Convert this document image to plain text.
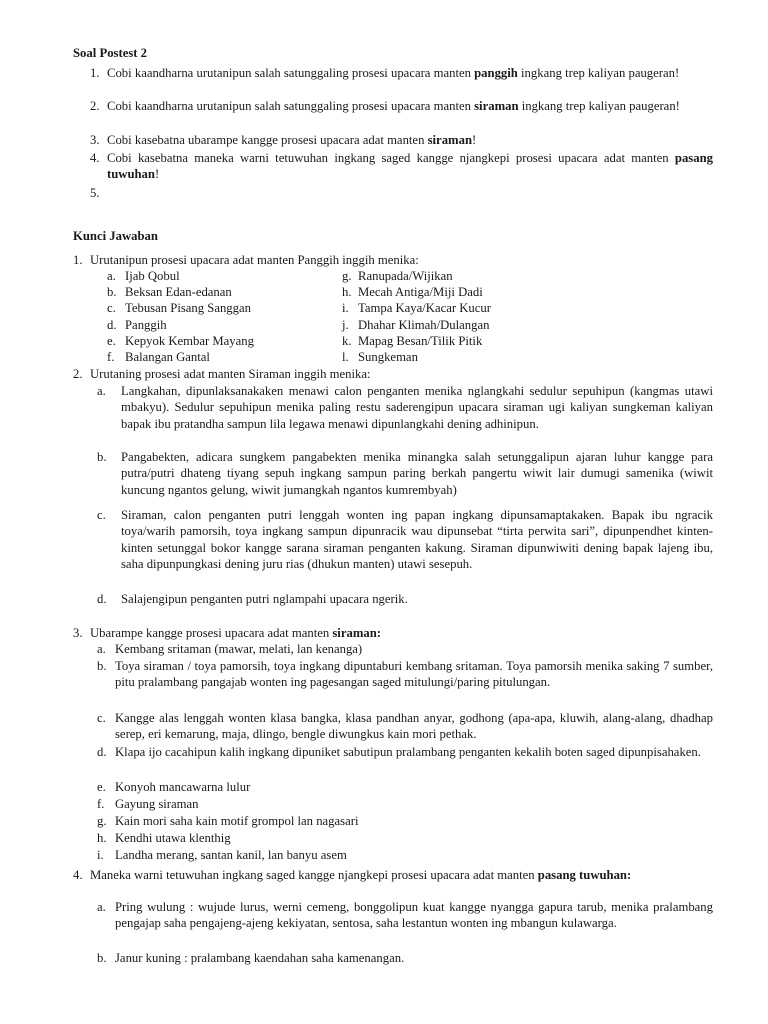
Soal Postest 2
1. Cobi kaandharna urutanipun salah satunggaling prosesi upacara manten panggih ingkang trep kaliyan paugeran!
2. Cobi kaandharna urutanipun salah satunggaling prosesi upacara manten siraman ingkang trep kaliyan paugeran!
3. Cobi kasebatna ubarampe kangge prosesi upacara adat manten siraman!
4. Cobi kasebatna maneka warni tetuwuhan ingkang saged kangge njangkepi prosesi upacara adat manten pasang tuwuhan!
5.
Kunci Jawaban
1. Urutanipun prosesi upacara adat manten Panggih inggih menika:
a. Ijab Qobul
b. Beksan Edan-edanan
c. Tebusan Pisang Sanggan
d. Panggih
e. Kepyok Kembar Mayang
f. Balangan Gantal
g. Ranupada/Wijikan
h. Mecah Antiga/Miji Dadi
i. Tampa Kaya/Kacar Kucur
j. Dhahar Klimah/Dulangan
k. Mapag Besan/Tilik Pitik
l. Sungkeman
2. Urutaning prosesi adat manten Siraman inggih menika:
a. Langkahan, dipunlaksanakaken menawi calon penganten menika nglangkahi sedulur sepuhipun (kangmas utawi mbakyu). Sedulur sepuhipun menika paling restu saderengipun upacara siraman ugi kaliyan sungkeman kaliyan bapak ibu pratandha sampun lila legawa menawi dipunlangkahi dening adhinipun.
b. Pangabekten, adicara sungkem pangabekten menika minangka salah setunggalipun ajaran luhur kangge para putra/putri dhateng tiyang sepuh ingkang sampun paring berkah pangertu wiwit lair dumugi samenika (wiwit kuncung ngantos gelung, wiwit jumangkah ngantos kumrembyah)
c. Siraman, calon penganten putri lenggah wonten ing papan ingkang dipunsamaptakaken. Bapak ibu ngracik toya/warih pamorsih, toya ingkang sampun dipunracik wau dipunsebat “tirta perwita sari”, dipunpendhet kinten-kinten setunggal bokor kangge sarana siraman penganten kakung. Siraman dipunwiwiti dening bapak lajeng ibu, saha dipunpungkasi dening juru rias (dhukun manten) utawi sesepuh.
d. Salajengipun penganten putri nglampahi upacara ngerik.
3. Ubarampe kangge prosesi upacara adat manten siraman:
a. Kembang sritaman (mawar, melati, lan kenanga)
b. Toya siraman / toya pamorsih, toya ingkang dipuntaburi kembang sritaman. Toya pamorsih menika saking 7 sumber, pitu pralambang pangajab wonten ing pagesangan saged mitulungi/paring pitulungan.
c. Kangge alas lenggah wonten klasa bangka, klasa pandhan anyar, godhong (apa-apa, kluwih, alang-alang, dhadhap serep, eri kemarung, maja, dlingo, bengle diwungkus kain mori pethak.
d. Klapa ijo cacahipun kalih ingkang dipuniket sabutipun pralambang penganten kekalih boten saged dipunpisahaken.
e. Konyoh mancawarna lulur
f. Gayung siraman
g. Kain mori saha kain motif grompol lan nagasari
h. Kendhi utawa klenthig
i. Landha merang, santan kanil, lan banyu asem
4. Maneka warni tetuwuhan ingkang saged kangge njangkepi prosesi upacara adat manten pasang tuwuhan:
a. Pring wulung : wujude lurus, werni cemeng, bonggolipun kuat kangge nyangga gapura tarub, menika pralambang pengajap saha pengajeng-ajeng kekiyatan, sentosa, saha lestantun wonten ing mbangun kulawarga.
b. Janur kuning : pralambang kaendahan saha kamenangan.
